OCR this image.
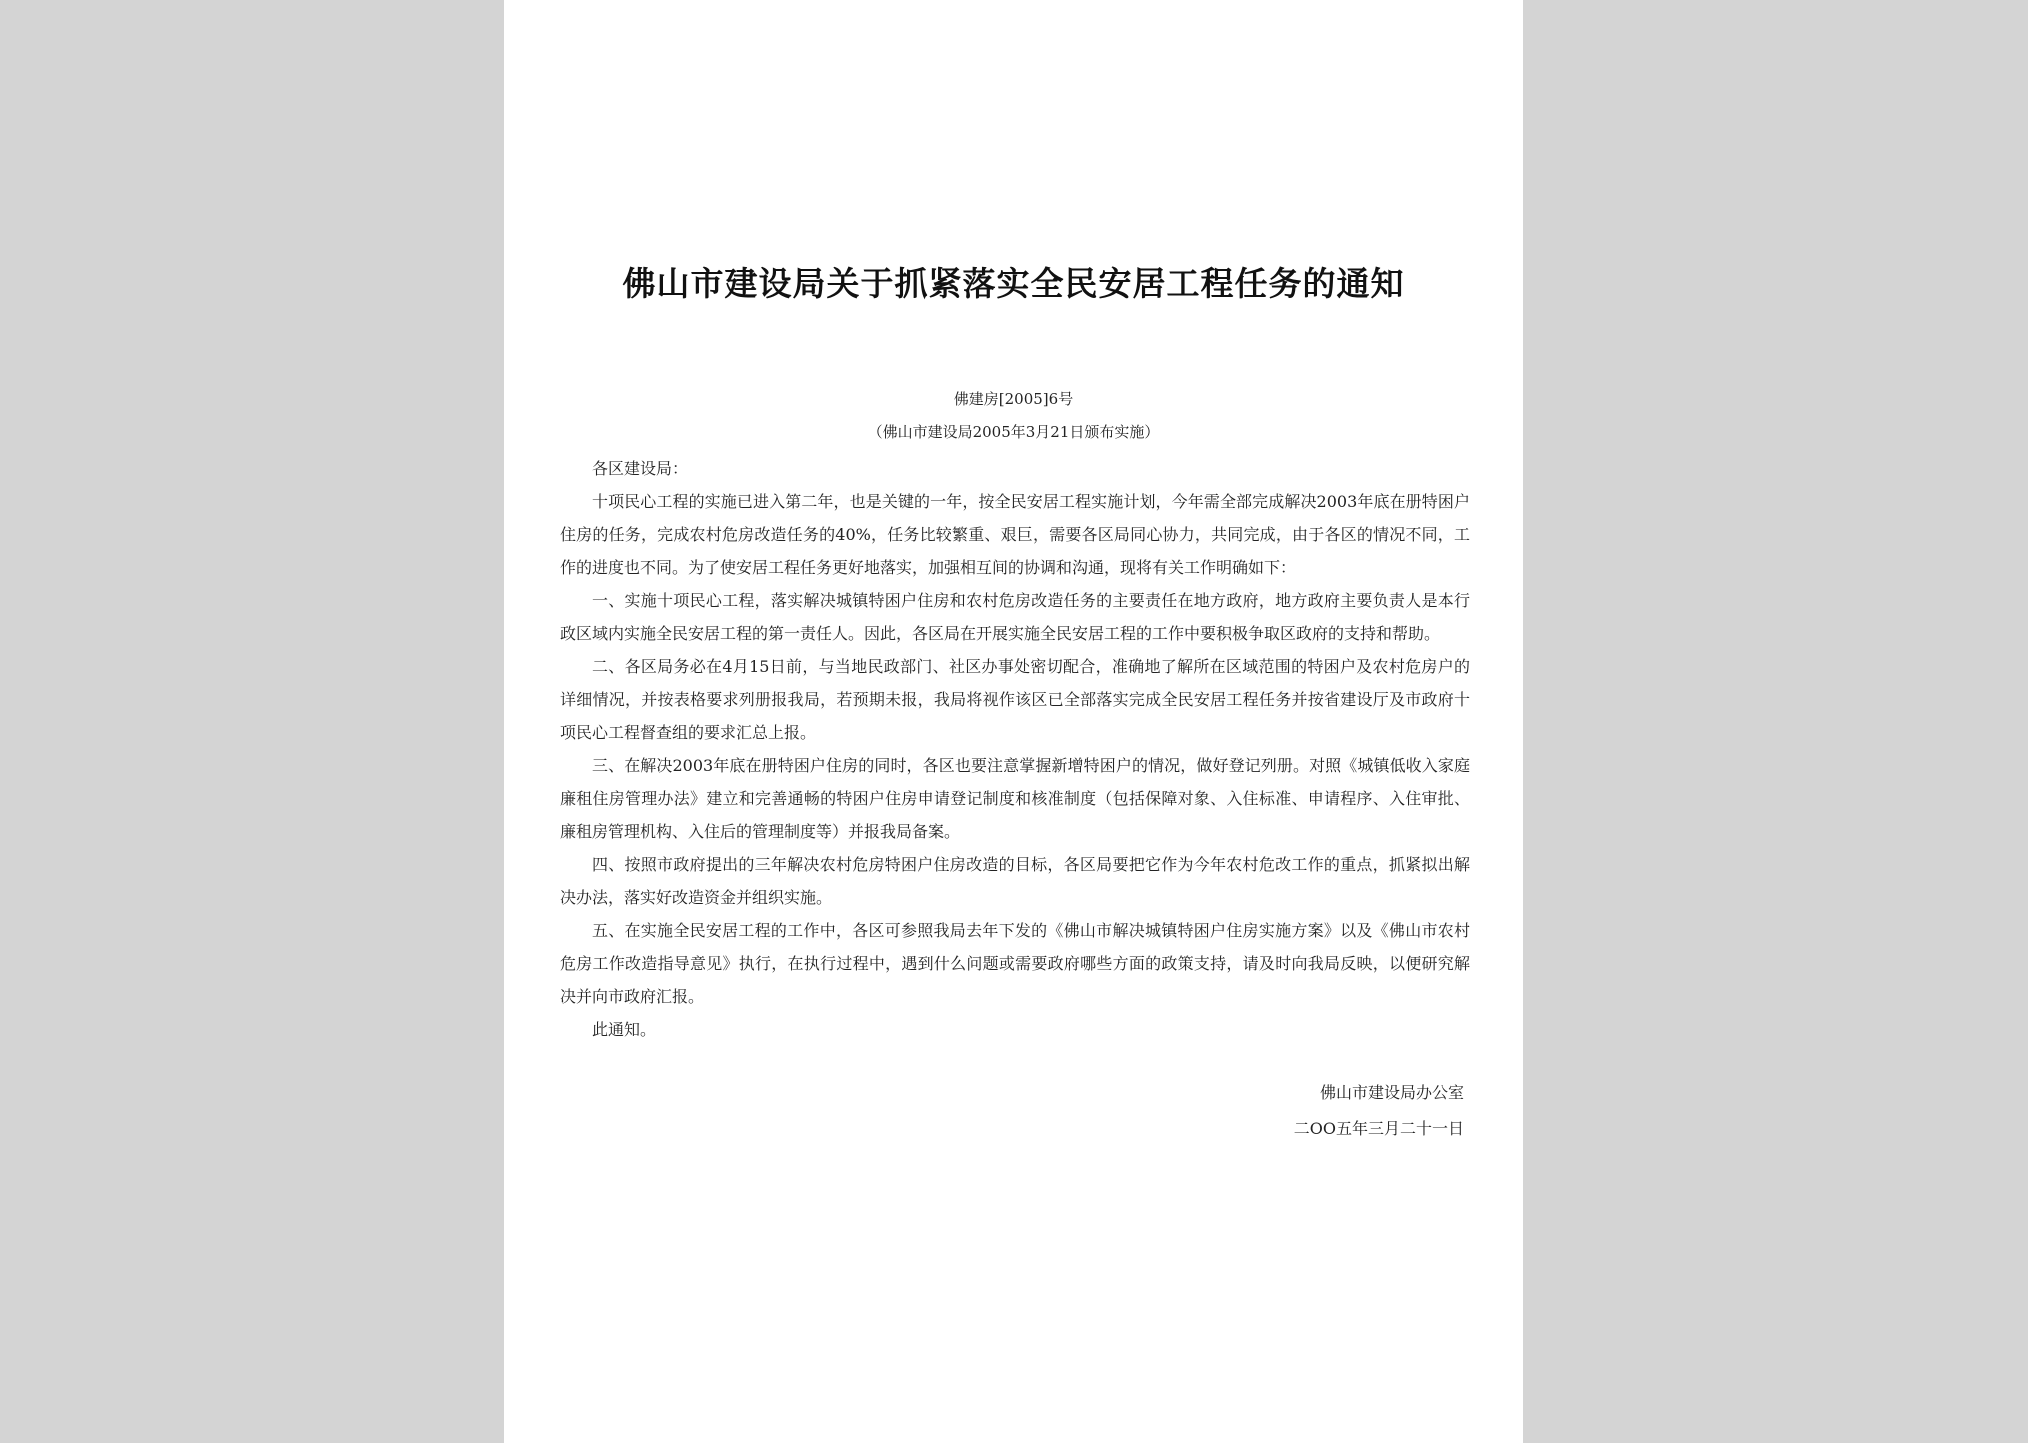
佛山市建设局关于抓紧落实全民安居工程任务的通知
佛建房[2005]6号
（佛山市建设局2005年3月21日颁布实施）

各区建设局：

十项民心工程的实施已进入第二年，也是关键的一年，按全民安居工程实施计划，今年需全部完成解决2003年底在册特困户住房的任务，完成农村危房改造任务的40%，任务比较繁重、艰巨，需要各区局同心协力，共同完成，由于各区的情况不同，工作的进度也不同。为了使安居工程任务更好地落实，加强相互间的协调和沟通，现将有关工作明确如下：

一、实施十项民心工程，落实解决城镇特困户住房和农村危房改造任务的主要责任在地方政府，地方政府主要负责人是本行政区域内实施全民安居工程的第一责任人。因此，各区局在开展实施全民安居工程的工作中要积极争取区政府的支持和帮助。

二、各区局务必在4月15日前，与当地民政部门、社区办事处密切配合，准确地了解所在区域范围的特困户及农村危房户的详细情况，并按表格要求列册报我局，若预期未报，我局将视作该区已全部落实完成全民安居工程任务并按省建设厅及市政府十项民心工程督查组的要求汇总上报。

三、在解决2003年底在册特困户住房的同时，各区也要注意掌握新增特困户的情况，做好登记列册。对照《城镇低收入家庭廉租住房管理办法》建立和完善通畅的特困户住房申请登记制度和核准制度（包括保障对象、入住标准、申请程序、入住审批、廉租房管理机构、入住后的管理制度等）并报我局备案。

四、按照市政府提出的三年解决农村危房特困户住房改造的目标，各区局要把它作为今年农村危改工作的重点，抓紧拟出解决办法，落实好改造资金并组织实施。

五、在实施全民安居工程的工作中，各区可参照我局去年下发的《佛山市解决城镇特困户住房实施方案》以及《佛山市农村危房工作改造指导意见》执行，在执行过程中，遇到什么问题或需要政府哪些方面的政策支持，请及时向我局反映，以便研究解决并向市政府汇报。

此通知。

佛山市建设局办公室
二OO五年三月二十一日
